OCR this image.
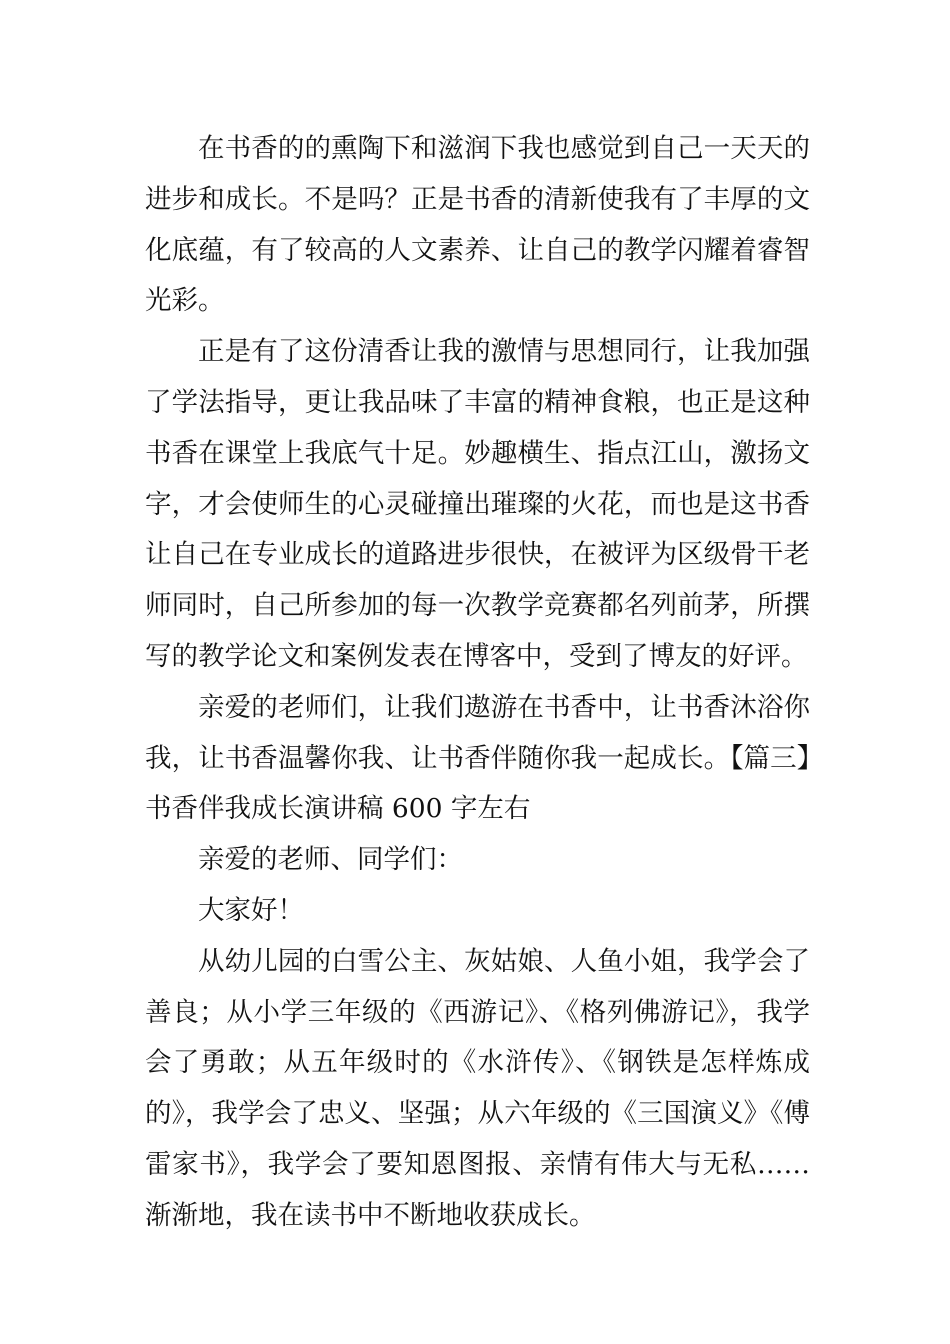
在书香的的熏陶下和滋润下我也感觉到自己一天天的进步和成长。不是吗？正是书香的清新使我有了丰厚的文化底蕴，有了较高的人文素养、让自己的教学闪耀着睿智光彩。

正是有了这份清香让我的激情与思想同行，让我加强了学法指导，更让我品味了丰富的精神食粮，也正是这种书香在课堂上我底气十足。妙趣横生、指点江山，激扬文字，才会使师生的心灵碰撞出璀璨的火花，而也是这书香让自己在专业成长的道路进步很快，在被评为区级骨干老师同时，自己所参加的每一次教学竞赛都名列前茅，所撰写的教学论文和案例发表在博客中，受到了博友的好评。

亲爱的老师们，让我们遨游在书香中，让书香沐浴你我，让书香温馨你我、让书香伴随你我一起成长。【篇三】书香伴我成长演讲稿 600 字左右

亲爱的老师、同学们：

大家好！

从幼儿园的白雪公主、灰姑娘、人鱼小姐，我学会了善良；从小学三年级的《西游记》、《格列佛游记》，我学会了勇敢；从五年级时的《水浒传》、《钢铁是怎样炼成的》，我学会了忠义、坚强；从六年级的《三国演义》《傅雷家书》，我学会了要知恩图报、亲情有伟大与无私……渐渐地，我在读书中不断地收获成长。
